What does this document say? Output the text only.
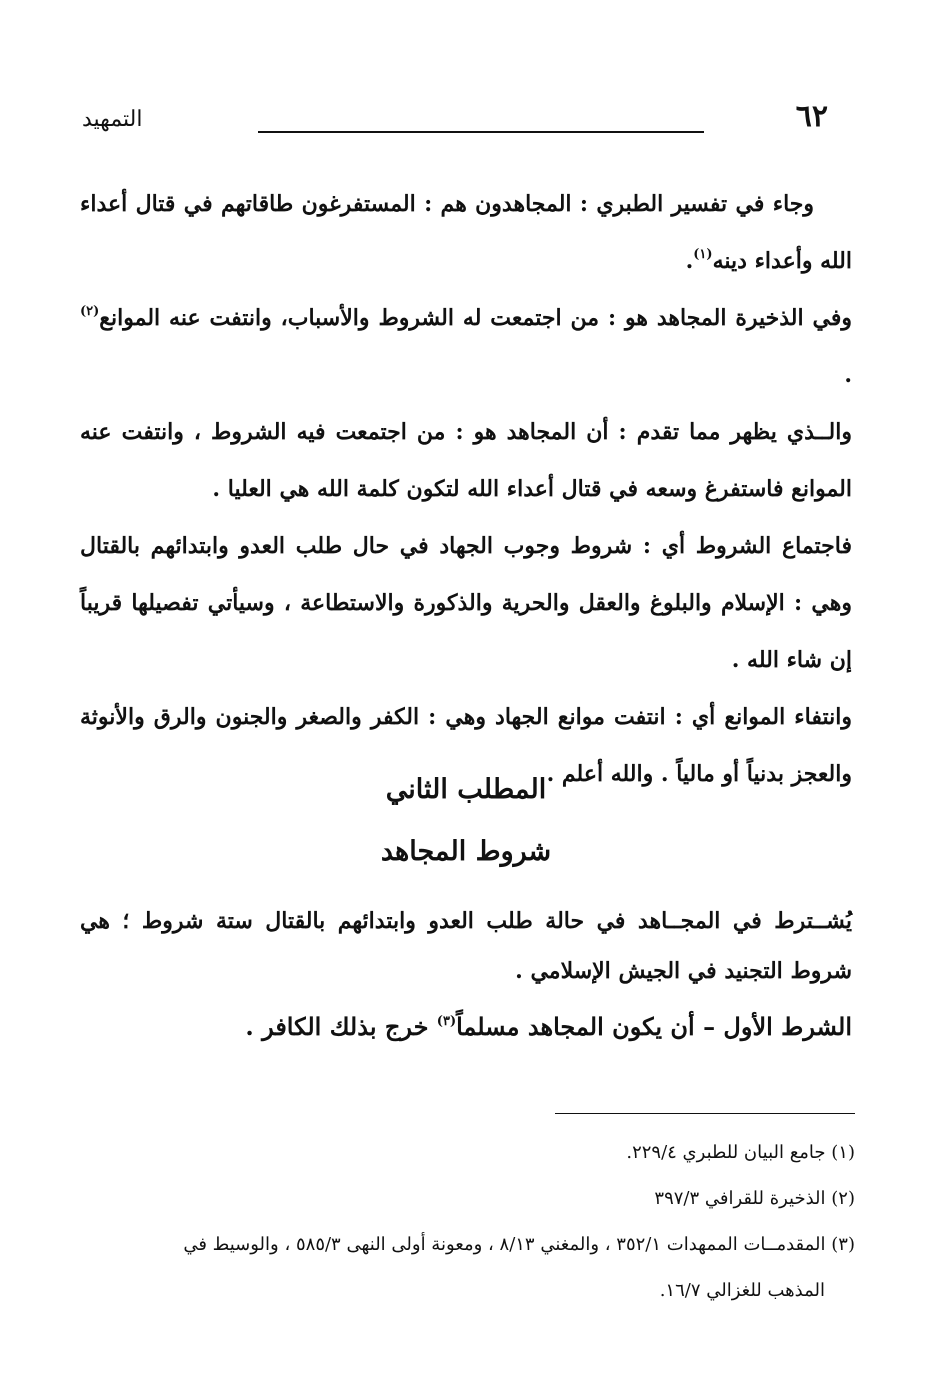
٦٢
التمهيد

وجاء في تفسير الطبري : المجاهدون هم : المستفرغون طاقاتهم في قتال أعداء الله وأعداء دينه$^{(١)}$.

وفي الذخيرة المجاهد هو : من اجتمعت له الشروط والأسباب، وانتفت عنه الموانع$^{(٢)}$ .

والــذي يظهر مما تقدم : أن المجاهد هو : من اجتمعت فيه الشروط ، وانتفت عنه الموانع فاستفرغ وسعه في قتال أعداء الله لتكون كلمة الله هي العليا .

فاجتماع الشروط أي : شروط وجوب الجهاد في حال طلب العدو وابتدائهم بالقتال وهي : الإسلام والبلوغ والعقل والحرية والذكورة والاستطاعة ، وسيأتي تفصيلها قريباً إن شاء الله .

وانتفاء الموانع أي : انتفت موانع الجهاد وهي : الكفر والصغر والجنون والرق والأنوثة والعجز بدنياً أو مالياً . والله أعلم .

المطلب الثاني
شروط المجاهد

يُشــترط في المجــاهد في حالة طلب العدو وابتدائهم بالقتال ستة شروط ؛ هي شروط التجنيد في الجيش الإسلامي .

الشرط الأول – أن يكون المجاهد مسلماً$^{(٣)}$ خرج بذلك الكافر .

(١) جامع البيان للطبري ٢٢٩/٤.

(٢) الذخيرة للقرافي ٣٩٧/٣

(٣) المقدمــات الممهدات ٣٥٢/١ ، والمغني ٨/١٣ ، ومعونة أولى النهى ٥٨٥/٣ ، والوسيط في

المذهب للغزالي ١٦/٧.
